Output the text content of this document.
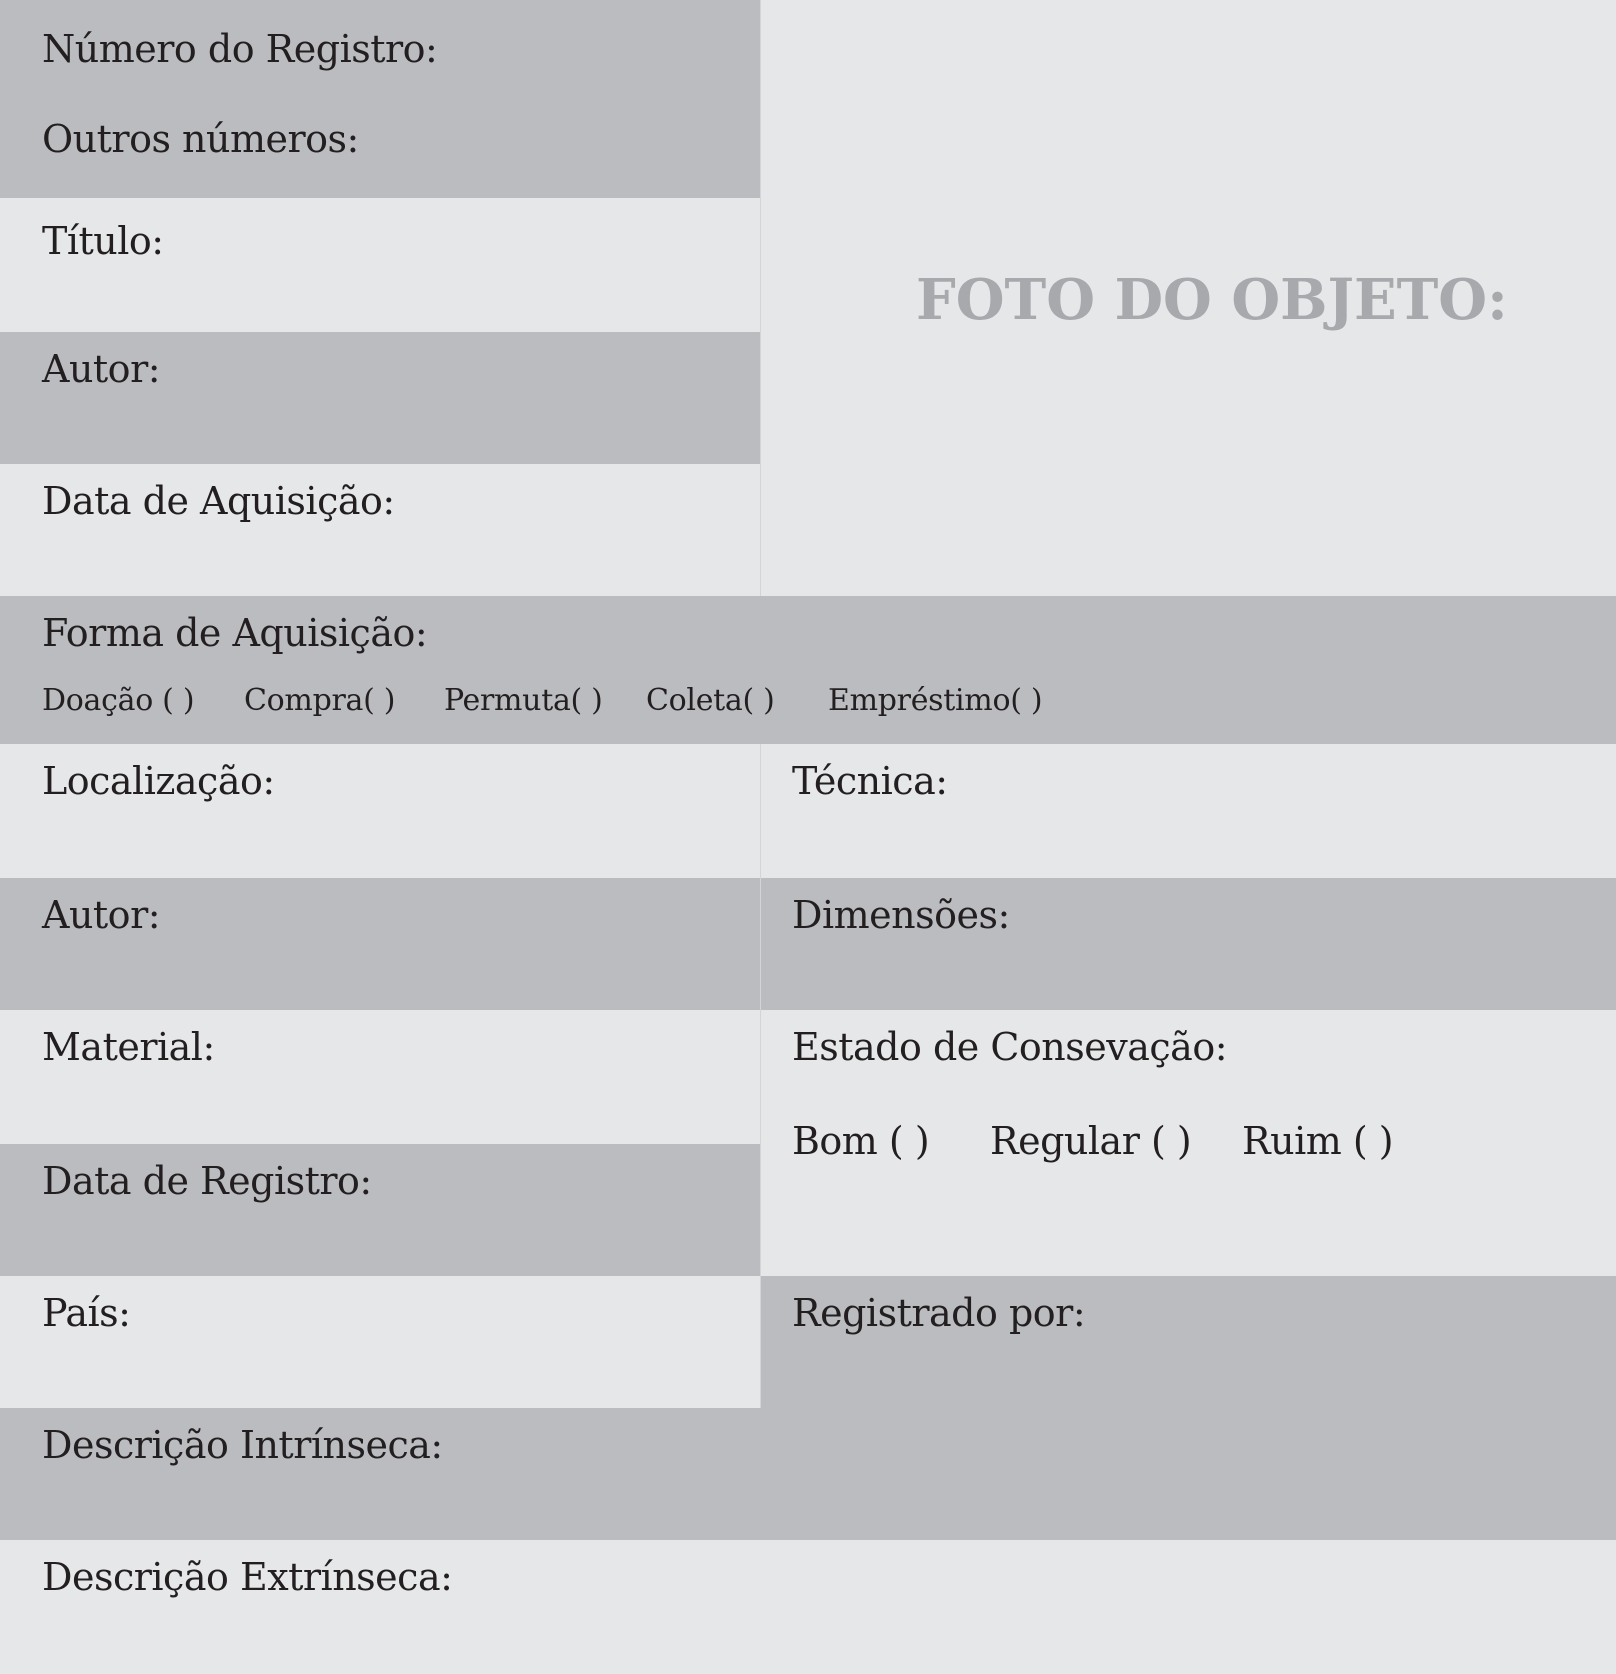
Número do Registro:
Outros números:
Título:
Autor:
Data de Aquisição:
FOTO DO OBJETO:
Forma de Aquisição:
Doação ( ) Compra( ) Permuta( ) Coleta( ) Empréstimo( )
Localização:	Técnica:
Autor:	Dimensões:
Material:
Data de Registro:
Estado de Consevação:
Bom ( ) Regular ( ) Ruim ( )
País:	Registrado por:
Descrição Intrínseca:
Descrição Extrínseca:
